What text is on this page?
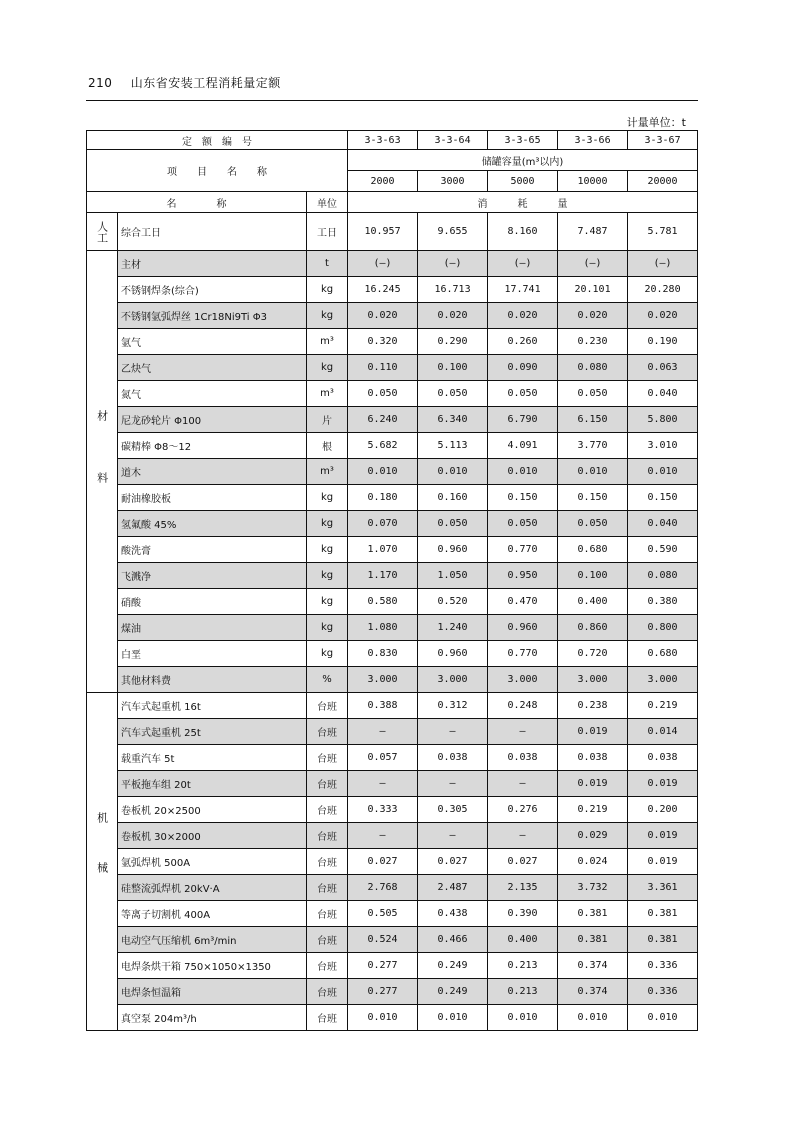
210 山东省安装工程消耗量定额
计量单位：t
定　额　编　号			3-3-63	3-3-64	3-3-65	3-3-66	3-3-67
项　　目　　名　　称			储罐容量(m³以内)				
			2000	3000	5000	10000	20000
名　　　　称		单位	消　　　耗　　　量				

人工	综合工日	工日	10.957	9.655	8.160	7.487	5.781

材料	主材	t	(—)	(—)	(—)	(—)	(—)
	不锈钢焊条(综合)	kg	16.245	16.713	17.741	20.101	20.280
	不锈钢氩弧焊丝 1Cr18Ni9Ti Φ3	kg	0.020	0.020	0.020	0.020	0.020
	氩气	m³	0.320	0.290	0.260	0.230	0.190
	乙炔气	kg	0.110	0.100	0.090	0.080	0.063
	氮气	m³	0.050	0.050	0.050	0.050	0.040
	尼龙砂轮片 Φ100	片	6.240	6.340	6.790	6.150	5.800
	碳精棒 Φ8～12	根	5.682	5.113	4.091	3.770	3.010
	道木	m³	0.010	0.010	0.010	0.010	0.010
	耐油橡胶板	kg	0.180	0.160	0.150	0.150	0.150
	氢氟酸 45%	kg	0.070	0.050	0.050	0.050	0.040
	酸洗膏	kg	1.070	0.960	0.770	0.680	0.590
	飞溅净	kg	1.170	1.050	0.950	0.100	0.080
	硝酸	kg	0.580	0.520	0.470	0.400	0.380
	煤油	kg	1.080	1.240	0.960	0.860	0.800
	白垩	kg	0.830	0.960	0.770	0.720	0.680
	其他材料费	%	3.000	3.000	3.000	3.000	3.000

机械	汽车式起重机 16t	台班	0.388	0.312	0.248	0.238	0.219
	汽车式起重机 25t	台班	—	—	—	0.019	0.014
	载重汽车 5t	台班	0.057	0.038	0.038	0.038	0.038
	平板拖车组 20t	台班	—	—	—	0.019	0.019
	卷板机 20×2500	台班	0.333	0.305	0.276	0.219	0.200
	卷板机 30×2000	台班	—	—	—	0.029	0.019
	氩弧焊机 500A	台班	0.027	0.027	0.027	0.024	0.019
	硅整流弧焊机 20kV·A	台班	2.768	2.487	2.135	3.732	3.361
	等离子切割机 400A	台班	0.505	0.438	0.390	0.381	0.381
	电动空气压缩机 6m³/min	台班	0.524	0.466	0.400	0.381	0.381
	电焊条烘干箱 750×1050×1350	台班	0.277	0.249	0.213	0.374	0.336
	电焊条恒温箱	台班	0.277	0.249	0.213	0.374	0.336
	真空泵 204m³/h	台班	0.010	0.010	0.010	0.010	0.010
